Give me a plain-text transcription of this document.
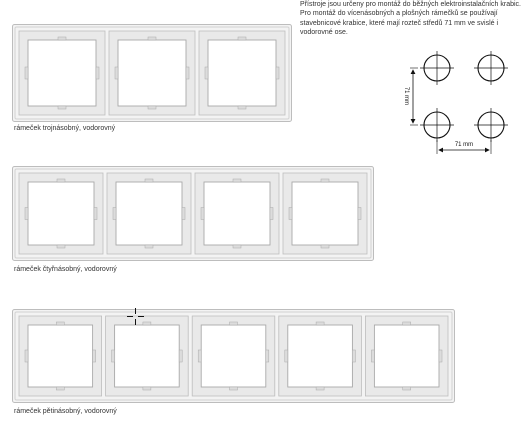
rámeček trojnásobný, vodorovný
rámeček čtyřnásobný, vodorovný
rámeček pětinásobný, vodorovný

Přístroje jsou určeny pro montáž do běžných elektroinstalačních krabic. Pro montáž do vícenásobných a plošných rámečků se používají stavebnicové krabice, které mají rozteč středů 71 mm ve svislé i vodorovné ose.

71 mm
71 mm
